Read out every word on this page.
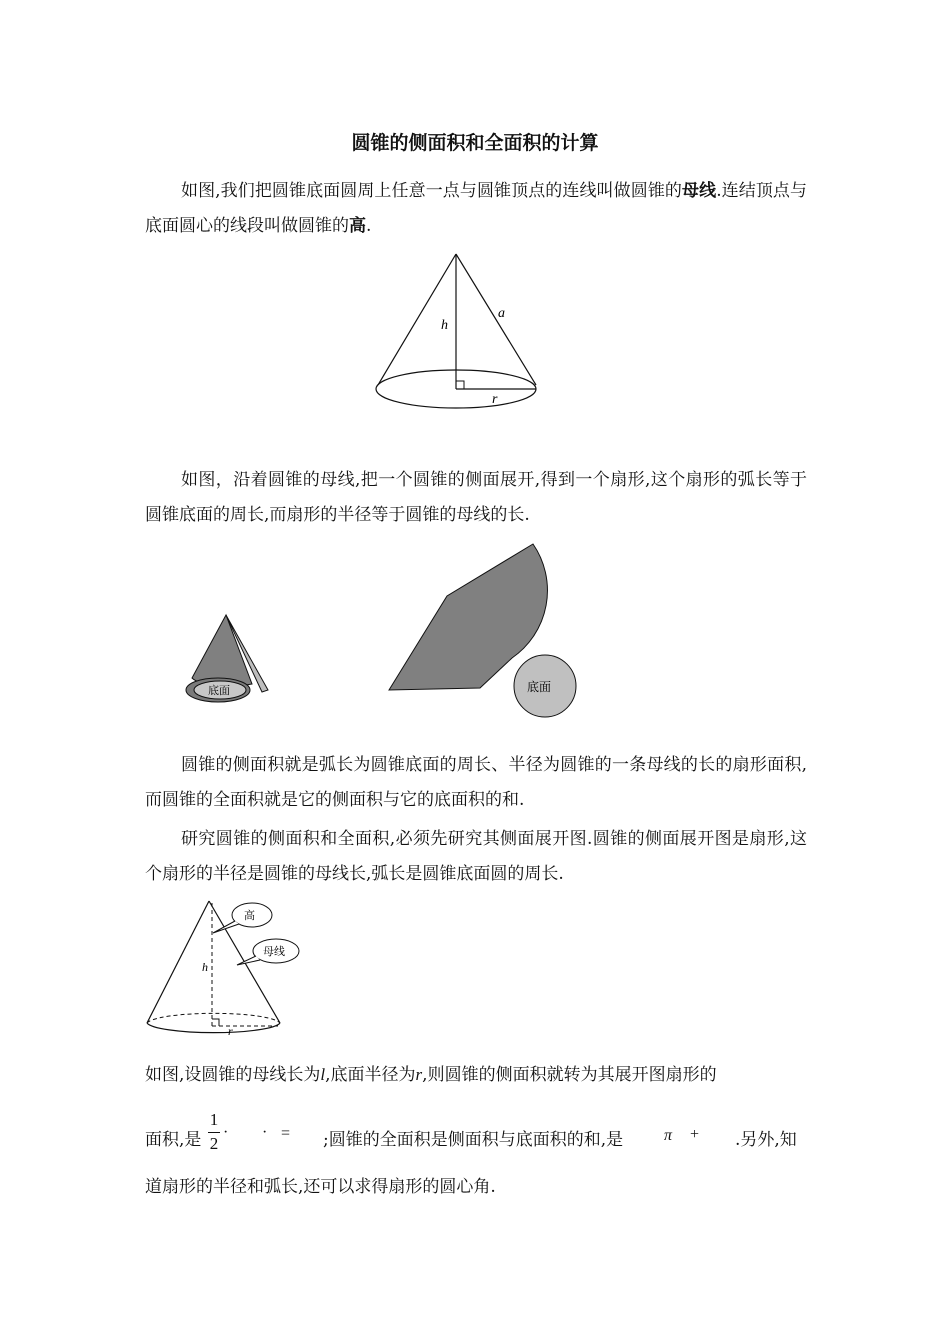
圆锥的侧面积和全面积的计算

如图,我们把圆锥底面圆周上任意一点与圆锥顶点的连线叫做圆锥的母线.连结顶点与底面圆心的线段叫做圆锥的高.

h
a
r

如图，沿着圆锥的母线,把一个圆锥的侧面展开,得到一个扇形,这个扇形的弧长等于圆锥底面的周长,而扇形的半径等于圆锥的母线的长.

底面	底面

圆锥的侧面积就是弧长为圆锥底面的周长、半径为圆锥的一条母线的长的扇形面积,而圆锥的全面积就是它的侧面积与它的底面积的和.

研究圆锥的侧面积和全面积,必须先研究其侧面展开图.圆锥的侧面展开图是扇形,这个扇形的半径是圆锥的母线长,弧长是圆锥底面圆的周长.

h
r
高
母线
如图,设圆锥的母线长为l,底面半径为r,则圆锥的侧面积就转为其展开图扇形的
面积,是
1
2
· · = ;圆锥的全面积是侧面积与底面积的和,是	π + .另外,知
道扇形的半径和弧长,还可以求得扇形的圆心角.
